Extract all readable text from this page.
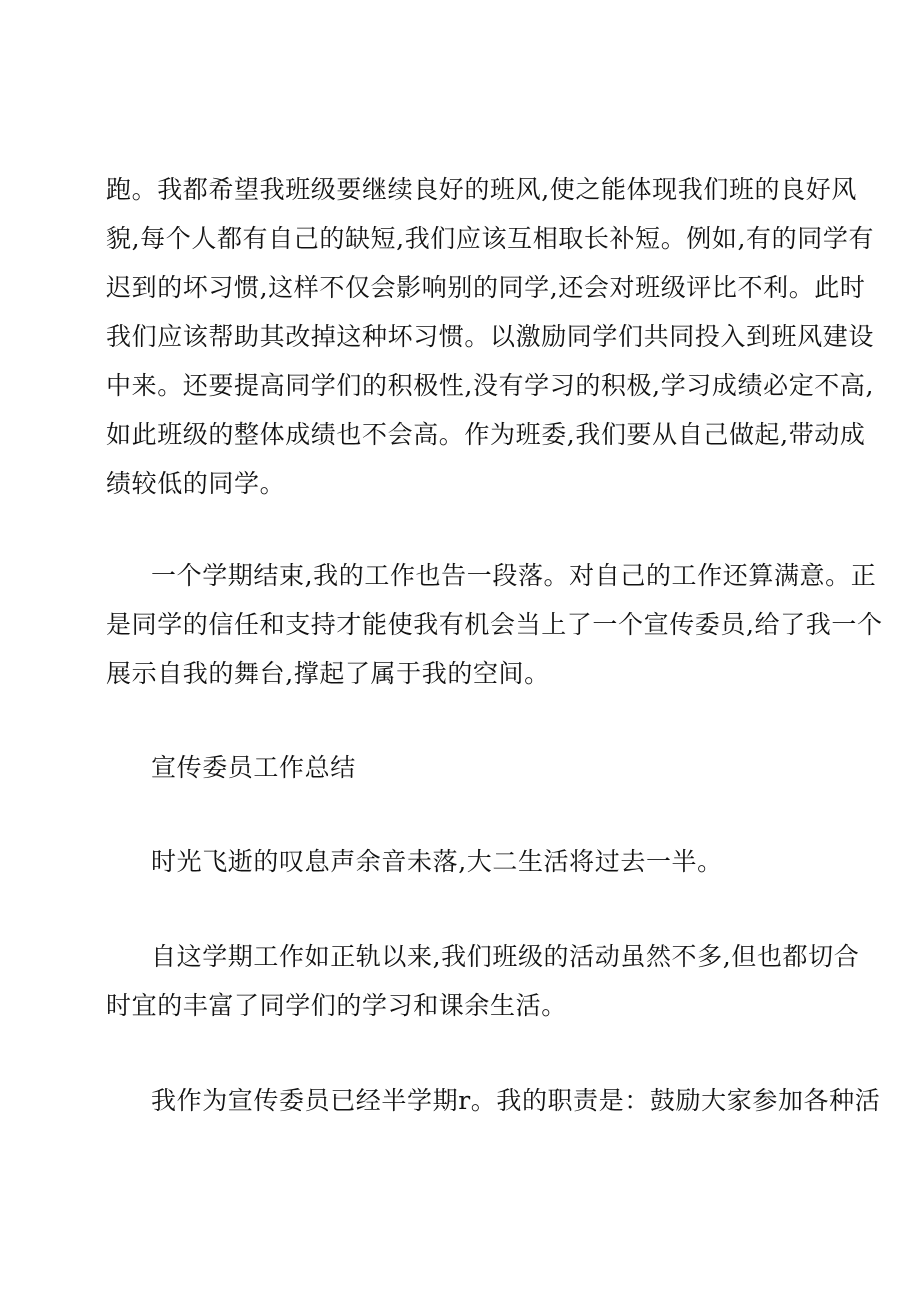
跑。我都希望我班级要继续良好的班风,使之能体现我们班的良好风
貌,每个人都有自己的缺短,我们应该互相取长补短。例如,有的同学有
迟到的坏习惯,这样不仅会影响别的同学,还会对班级评比不利。此时
我们应该帮助其改掉这种坏习惯。以激励同学们共同投入到班风建设
中来。还要提高同学们的积极性,没有学习的积极,学习成绩必定不高,
如此班级的整体成绩也不会高。作为班委,我们要从自己做起,带动成
绩较低的同学。
一个学期结束,我的工作也告一段落。对自己的工作还算满意。正
是同学的信任和支持才能使我有机会当上了一个宣传委员,给了我一个
展示自我的舞台,撑起了属于我的空间。
宣传委员工作总结
时光飞逝的叹息声余音未落,大二生活将过去一半。
自这学期工作如正轨以来,我们班级的活动虽然不多,但也都切合
时宜的丰富了同学们的学习和课余生活。
我作为宣传委员已经半学期r。我的职责是：鼓励大家参加各种活
